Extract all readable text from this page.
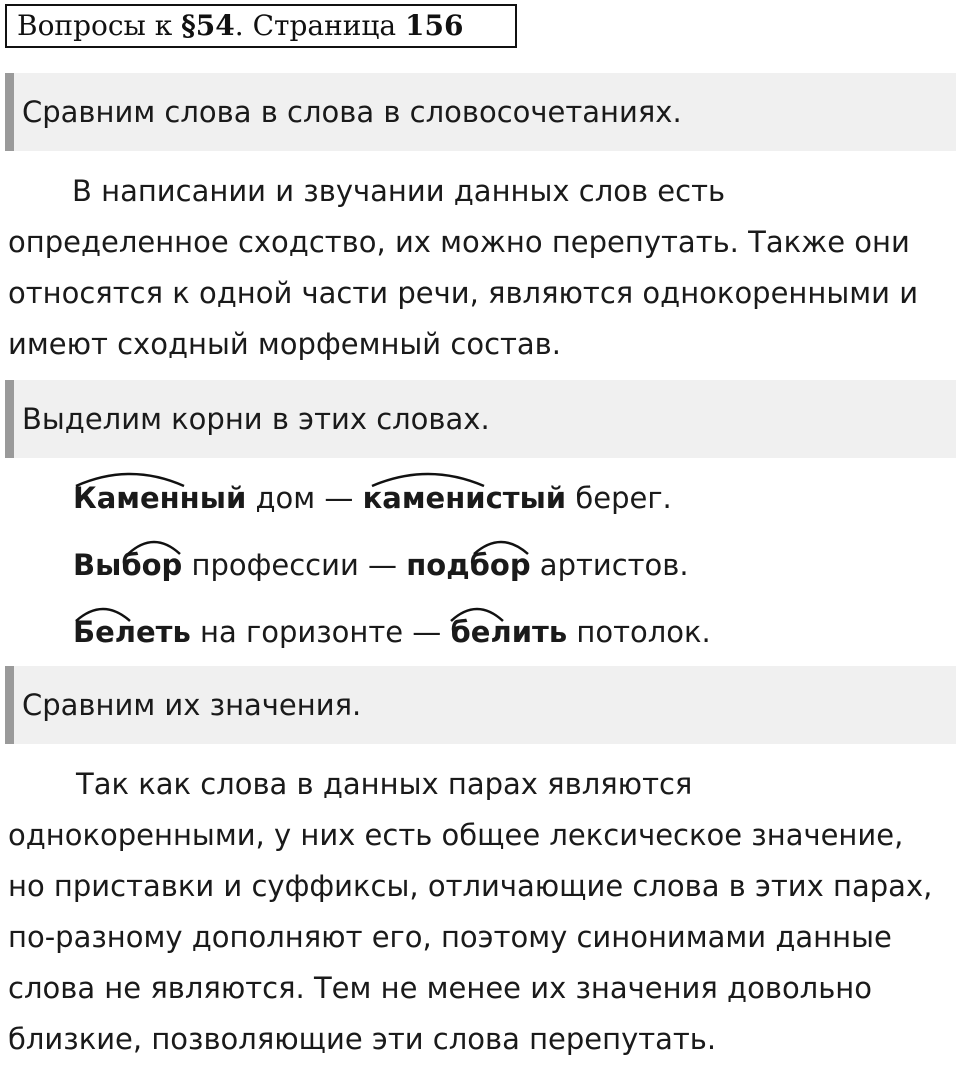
Вопросы к §54. Страница 156
Сравним слова в слова в словосочетаниях.
В написании и звучании данных слов есть
определенное сходство, их можно перепутать. Также они
относятся к одной части речи, являются однокоренными и
имеют сходный морфемный состав.
Выделим корни в этих словах.
Каменный дом — каменистый берег.
Выбор профессии — подбор артистов.
Белеть на горизонте — белить потолок.
Сравним их значения.
Так как слова в данных парах являются
однокоренными, у них есть общее лексическое значение,
но приставки и суффиксы, отличающие слова в этих парах,
по-разному дополняют его, поэтому синонимами данные
слова не являются. Тем не менее их значения довольно
близкие, позволяющие эти слова перепутать.
